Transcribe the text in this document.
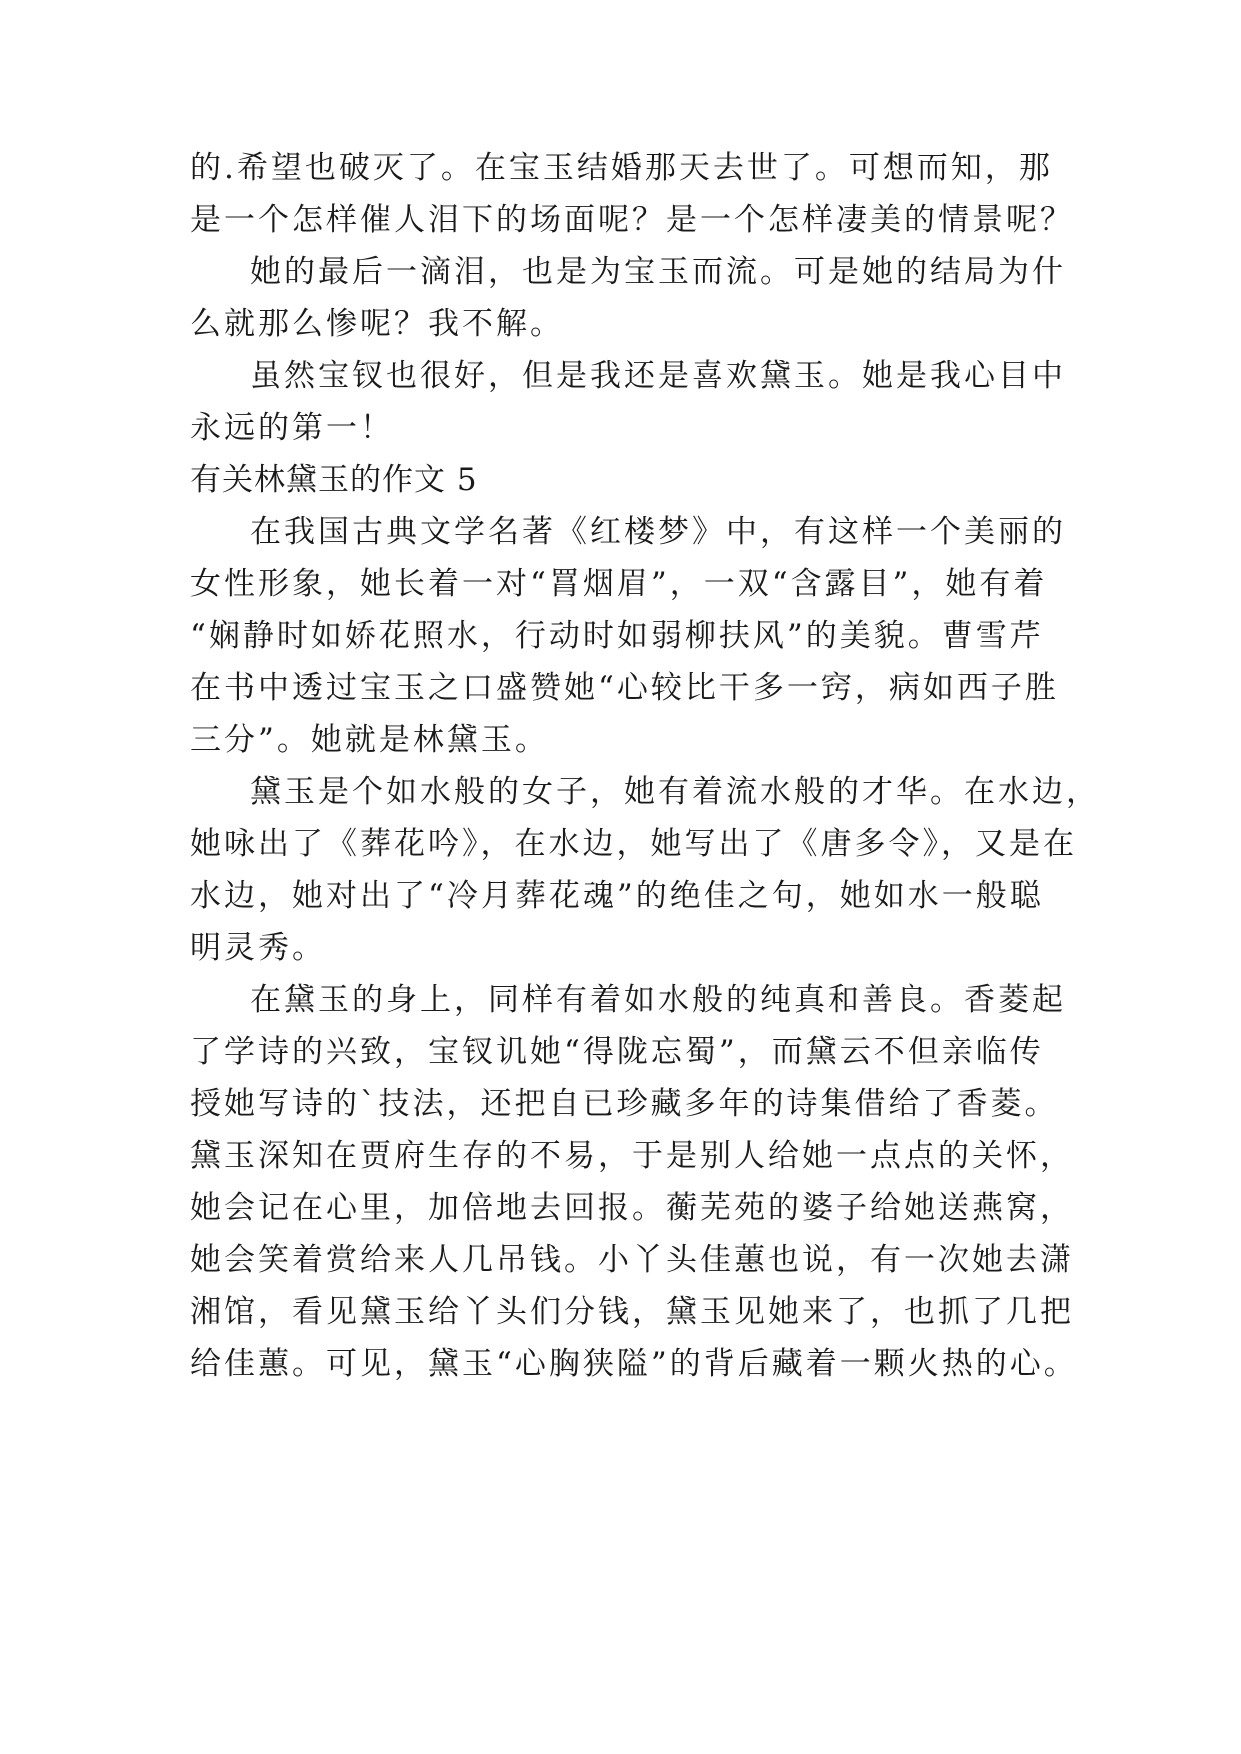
的.希望也破灭了。在宝玉结婚那天去世了。可想而知，那
是一个怎样催人泪下的场面呢？是一个怎样凄美的情景呢？
她的最后一滴泪，也是为宝玉而流。可是她的结局为什
么就那么惨呢？我不解。
虽然宝钗也很好，但是我还是喜欢黛玉。她是我心目中
永远的第一！
有关林黛玉的作文 5
在我国古典文学名著《红楼梦》中，有这样一个美丽的
女性形象，她长着一对“罥烟眉”，一双“含露目”，她有着
“娴静时如娇花照水，行动时如弱柳扶风”的美貌。曹雪芹
在书中透过宝玉之口盛赞她“心较比干多一窍，病如西子胜
三分”。她就是林黛玉。
黛玉是个如水般的女子，她有着流水般的才华。在水边，
她咏出了《葬花吟》，在水边，她写出了《唐多令》，又是在
水边，她对出了“冷月葬花魂”的绝佳之句，她如水一般聪
明灵秀。
在黛玉的身上，同样有着如水般的纯真和善良。香菱起
了学诗的兴致，宝钗讥她“得陇忘蜀”，而黛云不但亲临传
授她写诗的`技法，还把自已珍藏多年的诗集借给了香菱。
黛玉深知在贾府生存的不易，于是别人给她一点点的关怀，
她会记在心里，加倍地去回报。蘅芜苑的婆子给她送燕窝，
她会笑着赏给来人几吊钱。小丫头佳蕙也说，有一次她去潇
湘馆，看见黛玉给丫头们分钱，黛玉见她来了，也抓了几把
给佳蕙。可见，黛玉“心胸狭隘”的背后藏着一颗火热的心。
